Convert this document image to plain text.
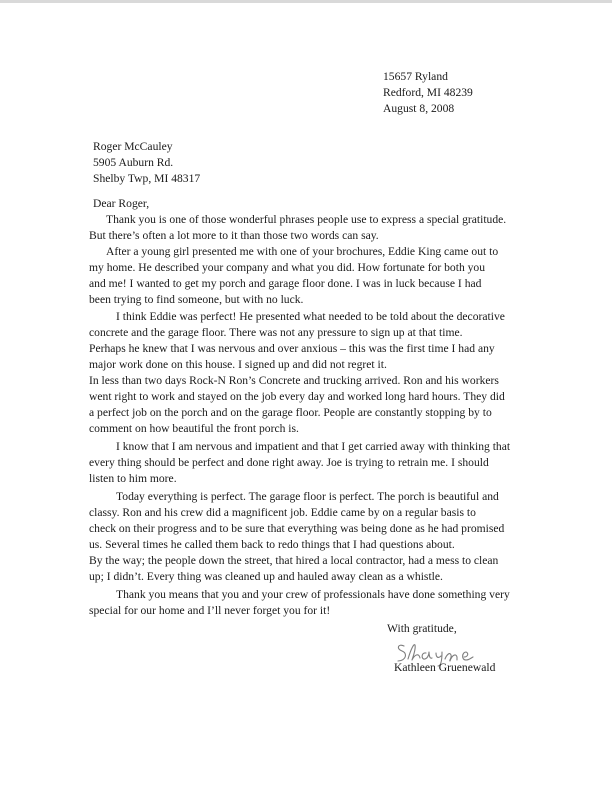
15657 Ryland
Redford, MI 48239
August 8, 2008
Roger McCauley
5905 Auburn Rd.
Shelby Twp, MI 48317
Dear Roger,
Thank you is one of those wonderful phrases people use to express a special gratitude.
But there’s often a lot more to it than those two words can say.
After a young girl presented me with one of your brochures, Eddie King came out to
my home. He described your company and what you did. How fortunate for both you
and me! I wanted to get my porch and garage floor done. I was in luck because I had
been trying to find someone, but with no luck.
I think Eddie was perfect! He presented what needed to be told about the decorative
concrete and the garage floor. There was not any pressure to sign up at that time.
Perhaps he knew that I was nervous and over anxious – this was the first time I had any
major work done on this house. I signed up and did not regret it.
In less than two days Rock-N Ron’s Concrete and trucking arrived. Ron and his workers
went right to work and stayed on the job every day and worked long hard hours. They did
a perfect job on the porch and on the garage floor. People are constantly stopping by to
comment on how beautiful the front porch is.
I know that I am nervous and impatient and that I get carried away with thinking that
every thing should be perfect and done right away. Joe is trying to retrain me. I should
listen to him more.
Today everything is perfect. The garage floor is perfect. The porch is beautiful and
classy. Ron and his crew did a magnificent job. Eddie came by on a regular basis to
check on their progress and to be sure that everything was being done as he had promised
us. Several times he called them back to redo things that I had questions about.
By the way; the people down the street, that hired a local contractor, had a mess to clean
up; I didn’t. Every thing was cleaned up and hauled away clean as a whistle.
Thank you means that you and your crew of professionals have done something very
special for our home and I’ll never forget you for it!
With gratitude,
Kathleen Gruenewald
